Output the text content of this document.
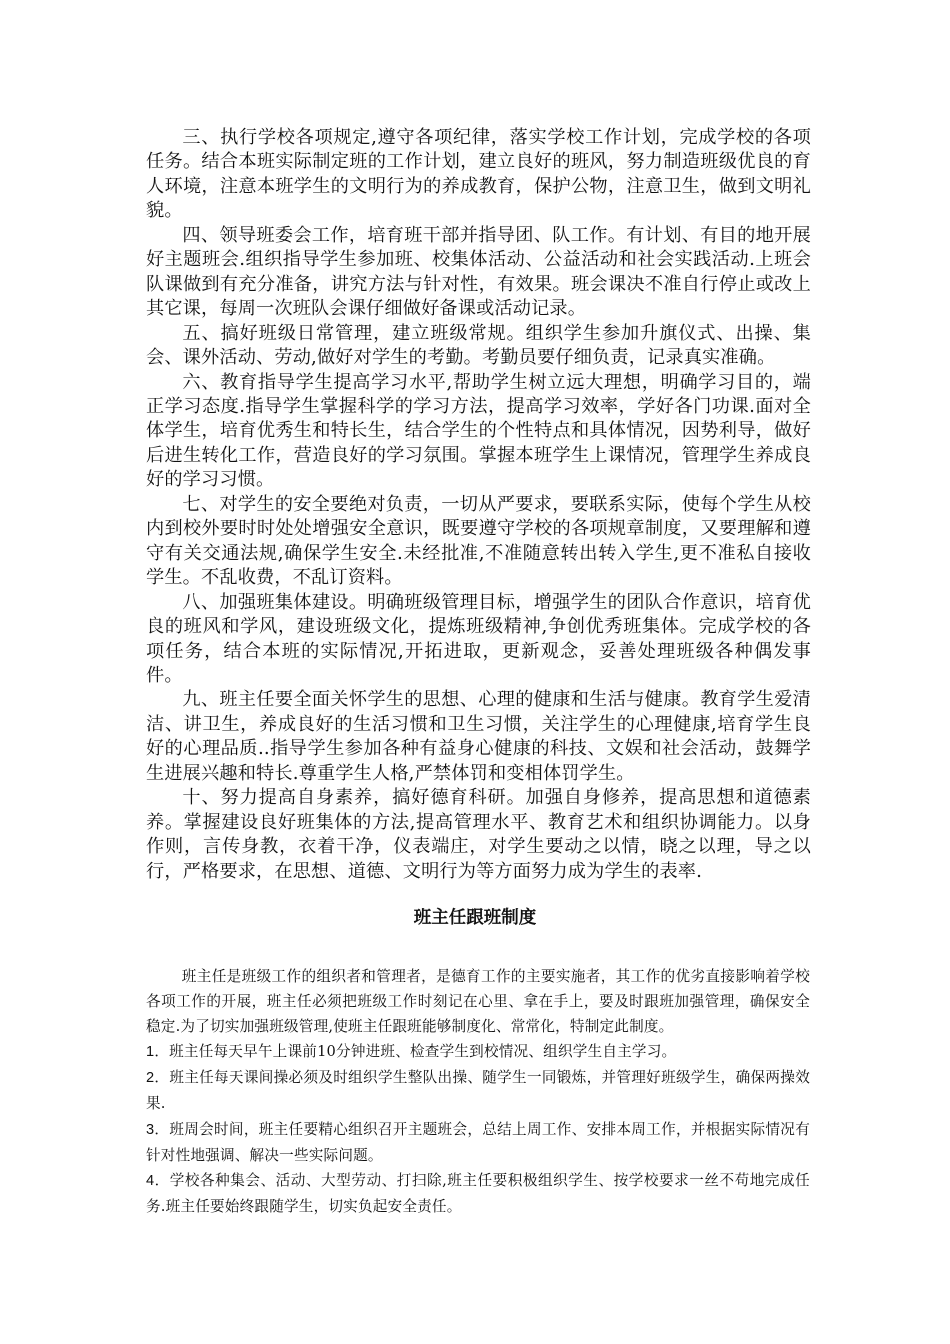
三、执行学校各项规定,遵守各项纪律，落实学校工作计划，完成学校的各项任务。结合本班实际制定班的工作计划，建立良好的班风，努力制造班级优良的育人环境，注意本班学生的文明行为的养成教育，保护公物，注意卫生，做到文明礼貌。

四、领导班委会工作，培育班干部并指导团、队工作。有计划、有目的地开展好主题班会.组织指导学生参加班、校集体活动、公益活动和社会实践活动.上班会队课做到有充分准备，讲究方法与针对性，有效果。班会课决不准自行停止或改上其它课，每周一次班队会课仔细做好备课或活动记录。

五、搞好班级日常管理，建立班级常规。组织学生参加升旗仪式、出操、集会、课外活动、劳动,做好对学生的考勤。考勤员要仔细负责，记录真实准确。

六、教育指导学生提高学习水平,帮助学生树立远大理想，明确学习目的，端正学习态度.指导学生掌握科学的学习方法，提高学习效率，学好各门功课.面对全体学生，培育优秀生和特长生，结合学生的个性特点和具体情况，因势利导，做好后进生转化工作，营造良好的学习氛围。掌握本班学生上课情况，管理学生养成良好的学习习惯。

七、对学生的安全要绝对负责，一切从严要求，要联系实际，使每个学生从校内到校外要时时处处增强安全意识，既要遵守学校的各项规章制度，又要理解和遵守有关交通法规,确保学生安全.未经批准,不准随意转出转入学生,更不准私自接收学生。不乱收费，不乱订资料。

八、加强班集体建设。明确班级管理目标，增强学生的团队合作意识，培育优良的班风和学风，建设班级文化，提炼班级精神,争创优秀班集体。完成学校的各项任务，结合本班的实际情况,开拓进取，更新观念，妥善处理班级各种偶发事件。

九、班主任要全面关怀学生的思想、心理的健康和生活与健康。教育学生爱清洁、讲卫生，养成良好的生活习惯和卫生习惯，关注学生的心理健康,培育学生良好的心理品质..指导学生参加各种有益身心健康的科技、文娱和社会活动，鼓舞学生进展兴趣和特长.尊重学生人格,严禁体罚和变相体罚学生。

十、努力提高自身素养，搞好德育科研。加强自身修养，提高思想和道德素养。掌握建设良好班集体的方法,提高管理水平、教育艺术和组织协调能力。以身作则，言传身教，衣着干净，仪表端庄，对学生要动之以情，晓之以理，导之以行，严格要求，在思想、道德、文明行为等方面努力成为学生的表率.

班主任跟班制度

班主任是班级工作的组织者和管理者，是德育工作的主要实施者，其工作的优劣直接影响着学校各项工作的开展，班主任必须把班级工作时刻记在心里、拿在手上，要及时跟班加强管理，确保安全稳定.为了切实加强班级管理,使班主任跟班能够制度化、常常化，特制定此制度。

1．班主任每天早午上课前10分钟进班、检查学生到校情况、组织学生自主学习。

2．班主任每天课间操必须及时组织学生整队出操、随学生一同锻炼，并管理好班级学生，确保两操效果.

3．班周会时间，班主任要精心组织召开主题班会，总结上周工作、安排本周工作，并根据实际情况有针对性地强调、解决一些实际问题。

4．学校各种集会、活动、大型劳动、打扫除,班主任要积极组织学生、按学校要求一丝不苟地完成任务.班主任要始终跟随学生，切实负起安全责任。
